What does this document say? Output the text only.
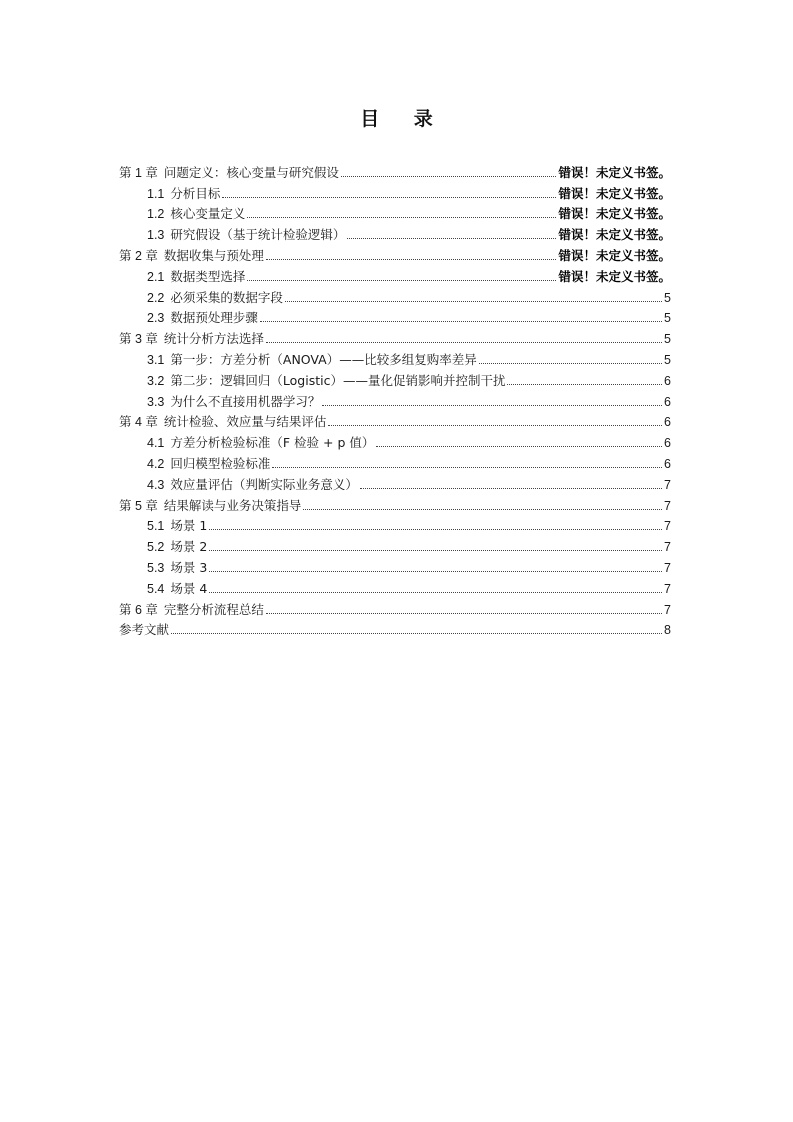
目 录
第 1 章 问题定义：核心变量与研究假设	错误！未定义书签。
1.1 分析目标	错误！未定义书签。
1.2 核心变量定义	错误！未定义书签。
1.3 研究假设（基于统计检验逻辑）	错误！未定义书签。
第 2 章 数据收集与预处理	错误！未定义书签。
2.1 数据类型选择	错误！未定义书签。
2.2 必须采集的数据字段	5
2.3 数据预处理步骤	5
第 3 章 统计分析方法选择	5
3.1 第一步：方差分析（ANOVA）——比较多组复购率差异	5
3.2 第二步：逻辑回归（Logistic）——量化促销影响并控制干扰	6
3.3 为什么不直接用机器学习？	6
第 4 章 统计检验、效应量与结果评估	6
4.1 方差分析检验标准（F 检验 + p 值）	6
4.2 回归模型检验标准	6
4.3 效应量评估（判断实际业务意义）	7
第 5 章 结果解读与业务决策指导	7
5.1 场景 1	7
5.2 场景 2	7
5.3 场景 3	7
5.4 场景 4	7
第 6 章 完整分析流程总结	7
参考文献	8
